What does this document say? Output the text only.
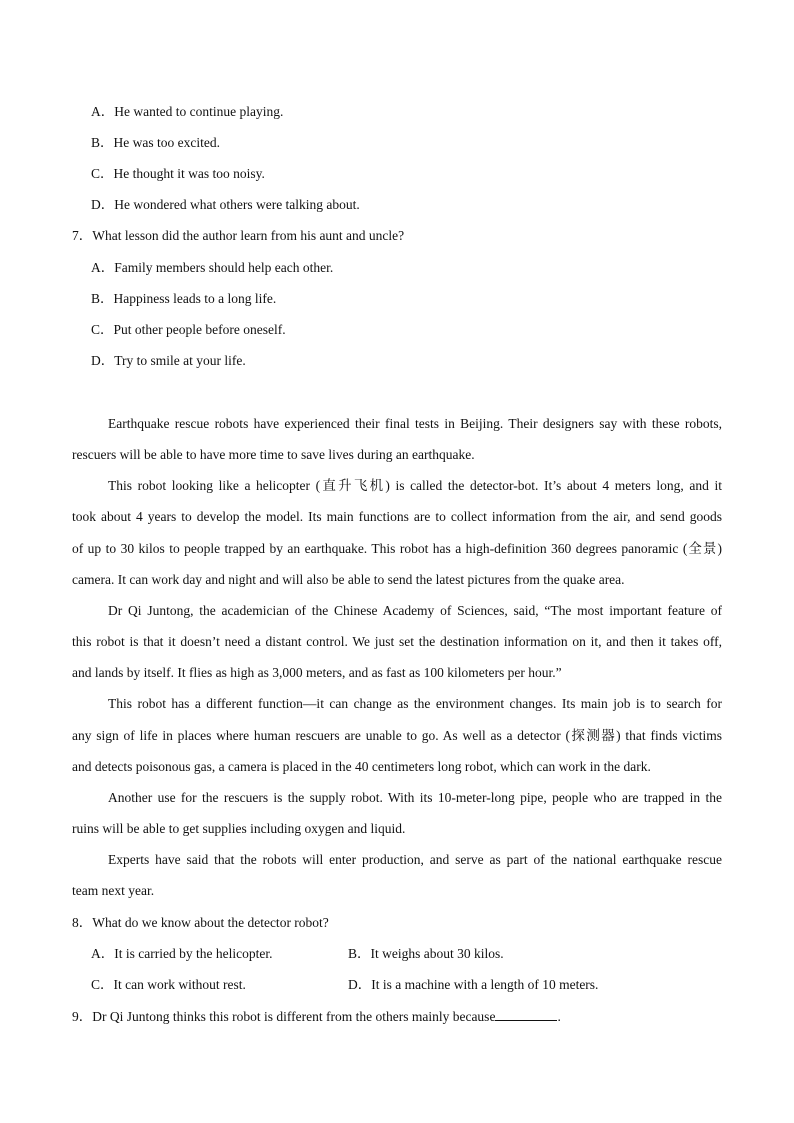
A．He wanted to continue playing.
B．He was too excited.
C．He thought it was too noisy.
D．He wondered what others were talking about.
7．What lesson did the author learn from his aunt and uncle?
A．Family members should help each other.
B．Happiness leads to a long life.
C．Put other people before oneself.
D．Try to smile at your life.
Earthquake rescue robots have experienced their final tests in Beijing. Their designers say with these robots,
rescuers will be able to have more time to save lives during an earthquake.
This robot looking like a helicopter (直升飞机) is called the detector-bot. It’s about 4 meters long, and it
took about 4 years to develop the model. Its main functions are to collect information from the air, and send goods
of up to 30 kilos to people trapped by an earthquake. This robot has a high-definition 360 degrees panoramic (全景)
camera. It can work day and night and will also be able to send the latest pictures from the quake area.
Dr Qi Juntong, the academician of the Chinese Academy of Sciences, said, “The most important feature of
this robot is that it doesn’t need a distant control. We just set the destination information on it, and then it takes off,
and lands by itself. It flies as high as 3,000 meters, and as fast as 100 kilometers per hour.”
This robot has a different function—it can change as the environment changes. Its main job is to search for
any sign of life in places where human rescuers are unable to go. As well as a detector (探测器) that finds victims
and detects poisonous gas, a camera is placed in the 40 centimeters long robot, which can work in the dark.
Another use for the rescuers is the supply robot. With its 10-meter-long pipe, people who are trapped in the
ruins will be able to get supplies including oxygen and liquid.
Experts have said that the robots will enter production, and serve as part of the national earthquake rescue
team next year.
8．What do we know about the detector robot?
A．It is carried by the helicopter.	B．It weighs about 30 kilos.
C．It can work without rest.	D．It is a machine with a length of 10 meters.
9．Dr Qi Juntong thinks this robot is different from the others mainly because	.
